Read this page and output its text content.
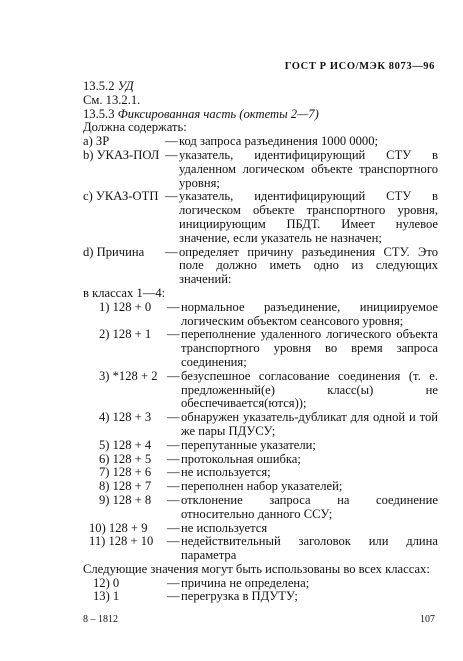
ГОСТ Р ИСО/МЭК 8073—96
13.5.2 УД
См. 13.2.1.
13.5.3 Фиксированная часть (октеты 2—7)
Должна содержать:
a) ЗР	— код запроса разъединения 1000 0000;
b) УКАЗ-ПОЛ — указатель, идентифицирующий СТУ в удаленном логическом объекте транспортного уровня;
c) УКАЗ-ОТП — указатель, идентифицирующий СТУ в логическом объекте транспортного уровня, инициирующим ПБДТ. Имеет нулевое значение, если указатель не назначен;
d) Причина	— определяет причину разъединения СТУ. Это поле должно иметь одно из следующих значений:
в классах 1—4:
1) 128 + 0	— нормальное разъединение, инициируемое логическим объектом сеансового уровня;
2) 128 + 1	— переполнение удаленного логического объекта транспортного уровня во время запроса соединения;
3) *128 + 2 — безуспешное согласование соединения (т. е. предложенный(е) класс(ы) не обеспечивается(ются));
4) 128 + 3	— обнаружен указатель-дубликат для одной и той же пары ПДУСУ;
5) 128 + 4	— перепутанные указатели;
6) 128 + 5	— протокольная ошибка;
7) 128 + 6	— не используется;
8) 128 + 7	— переполнен набор указателей;
9) 128 + 8	— отклонение запроса на соединение относительно данного ССУ;
10) 128 + 9	— не используется
11) 128 + 10	— недействительный заголовок или длина параметра
Следующие значения могут быть использованы во всех классах:
12) 0	— причина не определена;
13) 1	— перегрузка в ПДУТУ;
8 – 1812	107
